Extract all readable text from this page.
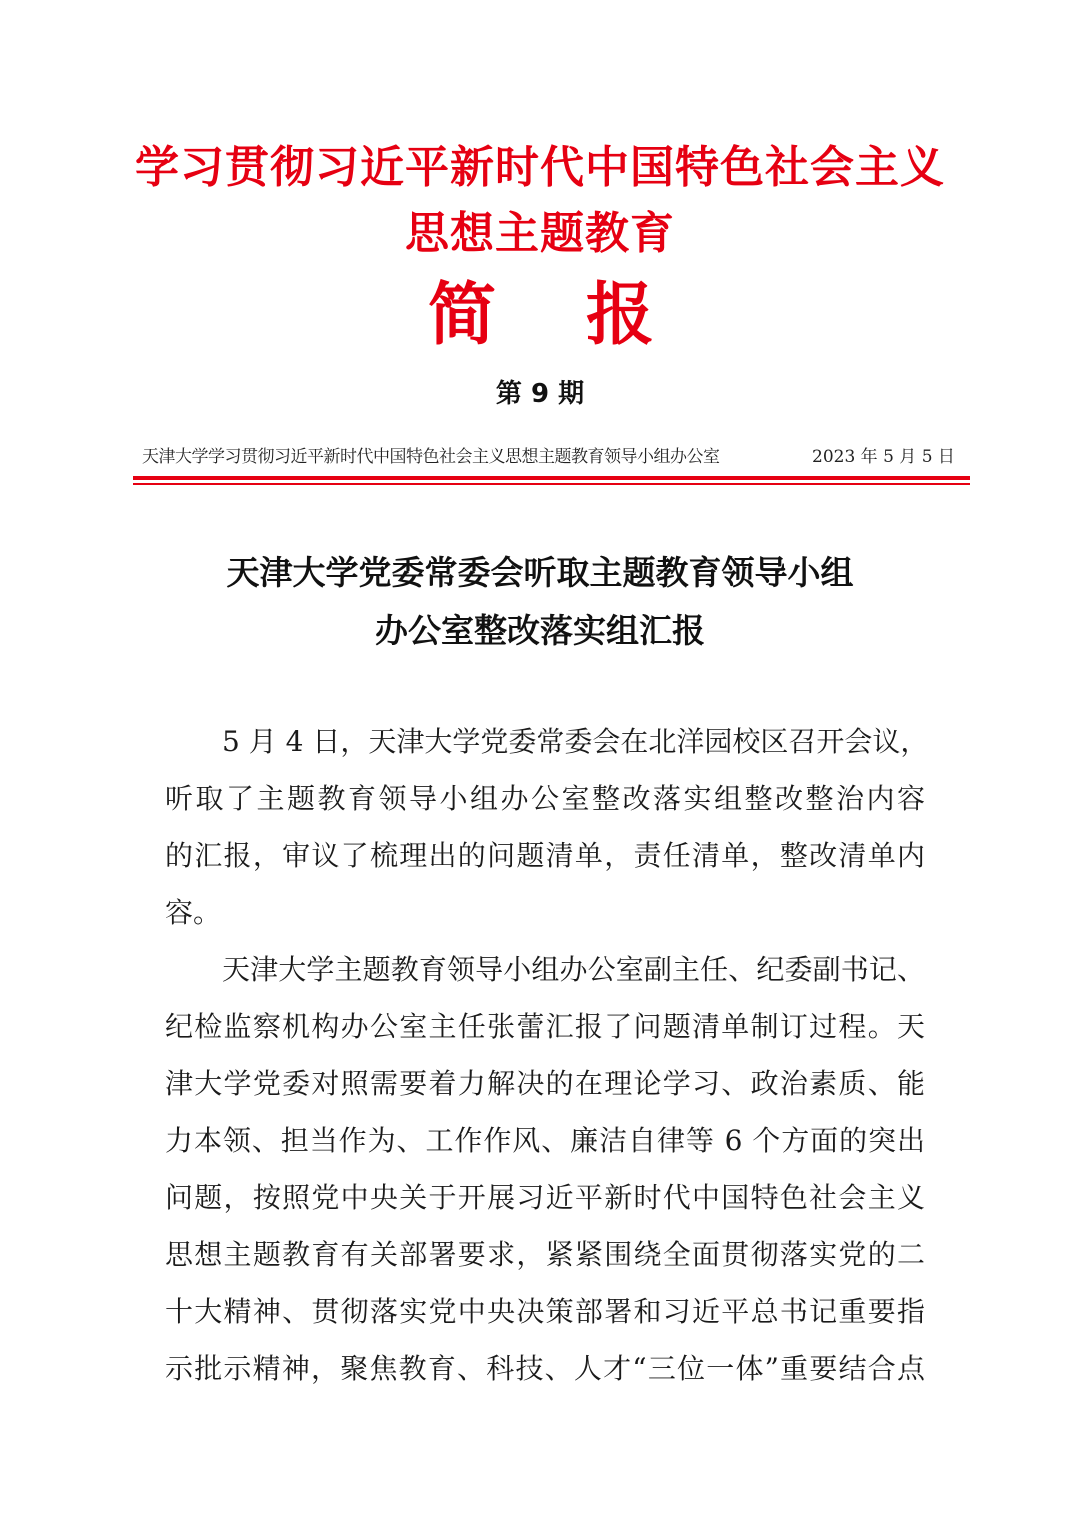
学习贯彻习近平新时代中国特色社会主义
思想主题教育
简 报
第 9 期
天津大学学习贯彻习近平新时代中国特色社会主义思想主题教育领导小组办公室	2023 年 5 月 5 日
天津大学党委常委会听取主题教育领导小组
办公室整改落实组汇报
5 月 4 日，天津大学党委常委会在北洋园校区召开会议，
听取了主题教育领导小组办公室整改落实组整改整治内容
的汇报，审议了梳理出的问题清单，责任清单，整改清单内
容。
天津大学主题教育领导小组办公室副主任、纪委副书记、
纪检监察机构办公室主任张蕾汇报了问题清单制订过程。天
津大学党委对照需要着力解决的在理论学习、政治素质、能
力本领、担当作为、工作作风、廉洁自律等 6 个方面的突出
问题，按照党中央关于开展习近平新时代中国特色社会主义
思想主题教育有关部署要求，紧紧围绕全面贯彻落实党的二
十大精神、贯彻落实党中央决策部署和习近平总书记重要指
示批示精神，聚焦教育、科技、人才“三位一体”重要结合点
